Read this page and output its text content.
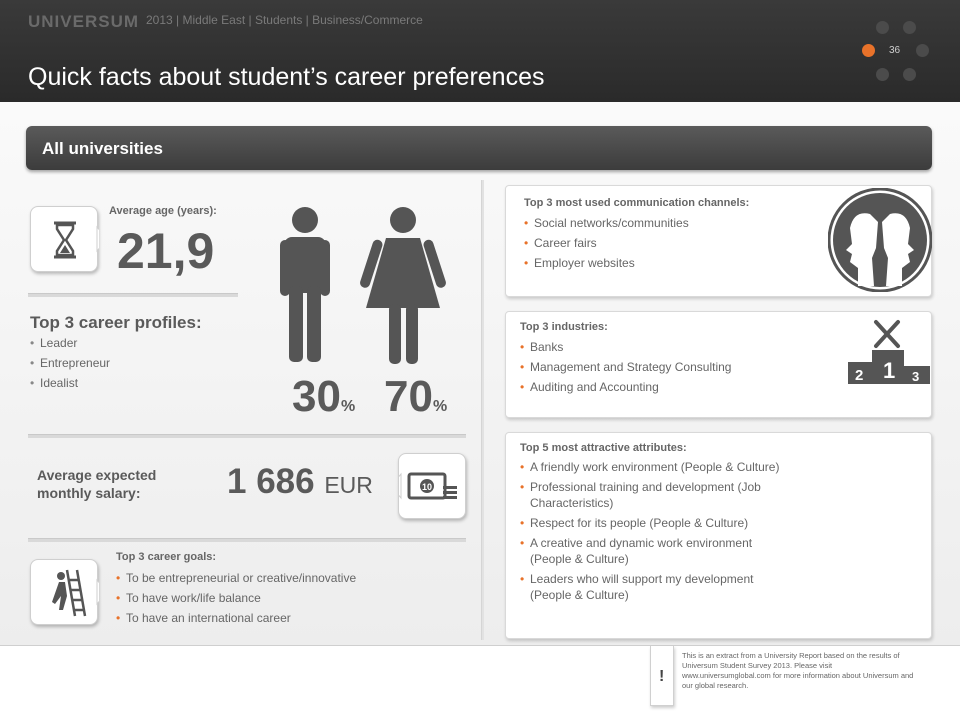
UNIVERSUM 2013 | Middle East | Students | Business/Commerce
Quick facts about student’s career preferences
36
All universities
Average age (years):
21,9
30% 70%
Top 3 career profiles:
• Leader
• Entrepreneur
• Idealist
Average expected
monthly salary:	1 686 EUR	10
Top 3 career goals:
• To be entrepreneurial or creative/innovative
• To have work/life balance
• To have an international career
Top 3 most used communication channels:
• Social networks/communities
• Career fairs
• Employer websites
Top 3 industries:
• Banks
• Management and Strategy Consulting
• Auditing and Accounting
1
2	3
Top 5 most attractive attributes:
• A friendly work environment (People & Culture)
• Professional training and development (Job
Characteristics)
• Respect for its people (People & Culture)
• A creative and dynamic work environment
(People & Culture)
• Leaders who will support my development
(People & Culture)
!
This is an extract from a University Report based on the results of Universum Student Survey 2013. Please visit www.universumglobal.com for more information about Universum and our global research.
